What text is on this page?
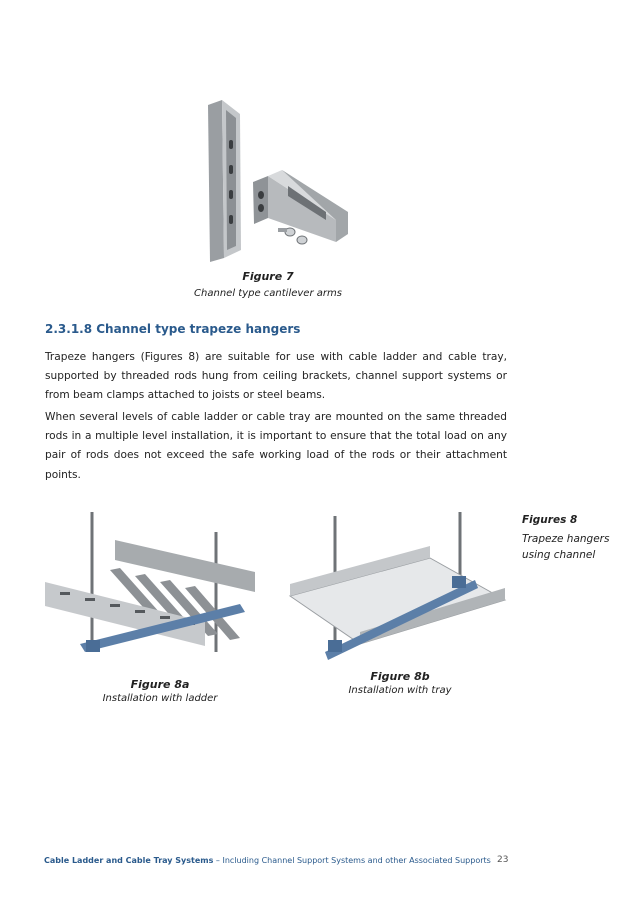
Figure 7
Channel type cantilever arms
2.3.1.8 Channel type trapeze hangers
Trapeze hangers (Figures 8) are suitable for use with cable ladder and cable tray, supported by threaded rods hung from ceiling brackets, channel support systems or from beam clamps attached to joists or steel beams.
When several levels of cable ladder or cable tray are mounted on the same threaded rods in a multiple level installation, it is important to ensure that the total load on any pair of rods does not exceed the safe working load of the rods or their attachment points.
Figures 8
Trapeze hangers
using channel
Figure 8a
Installation with ladder
Figure 8b
Installation with tray
Cable Ladder and Cable Tray Systems – Including Channel Support Systems and other Associated Supports 23
